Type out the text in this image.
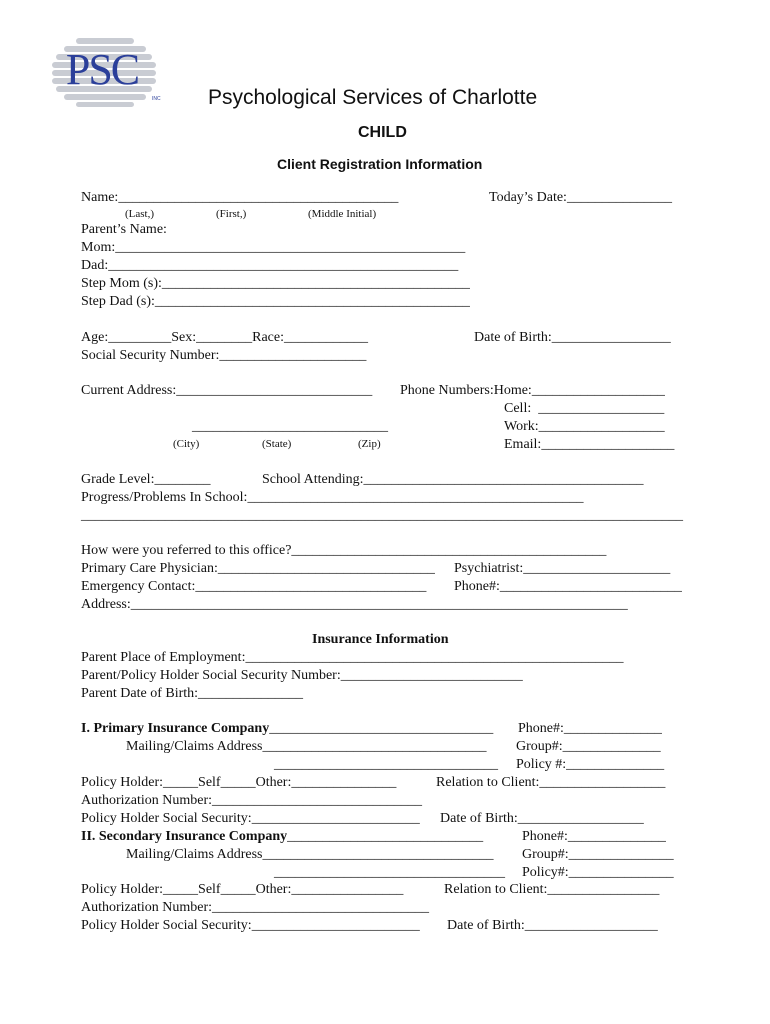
PSC
INC Psychological Services of Charlotte
CHILD
Client Registration Information
Name:________________________________________	Today’s Date:_______________
(Last,)	(First,)	(Middle Initial)
Parent’s Name:
Mom:__________________________________________________
Dad:__________________________________________________
Step Mom (s):____________________________________________
Step Dad (s):_____________________________________________
Age:_________Sex:________Race:____________	Date of Birth:_________________
Social Security Number:_____________________
Current Address:____________________________ Phone Numbers:Home:___________________
Cell:  __________________
____________________________	Work:__________________
(City)	(State)	(Zip)	Email:___________________
Grade Level:________	School Attending:________________________________________
Progress/Problems In School:________________________________________________
______________________________________________________________________________________
How were you referred to this office?_____________________________________________
Primary Care Physician:_______________________________ Psychiatrist:_____________________
Emergency Contact:_________________________________ Phone#:__________________________
Address:_______________________________________________________________________
Insurance Information
Parent Place of Employment:______________________________________________________
Parent/Policy Holder Social Security Number:__________________________
Parent Date of Birth:_______________
I. Primary Insurance Company________________________________ Phone#:______________
Mailing/Claims Address________________________________ Group#:______________
________________________________ Policy #:______________
Policy Holder:_____Self_____Other:_______________	Relation to Client:__________________
Authorization Number:______________________________
Policy Holder Social Security:________________________ Date of Birth:__________________
II. Secondary Insurance Company____________________________	Phone#:______________
Mailing/Claims Address_________________________________ Group#:_______________
_________________________________ Policy#:_______________
Policy Holder:_____Self_____Other:________________	Relation to Client:________________
Authorization Number:_______________________________
Policy Holder Social Security:________________________ Date of Birth:___________________
